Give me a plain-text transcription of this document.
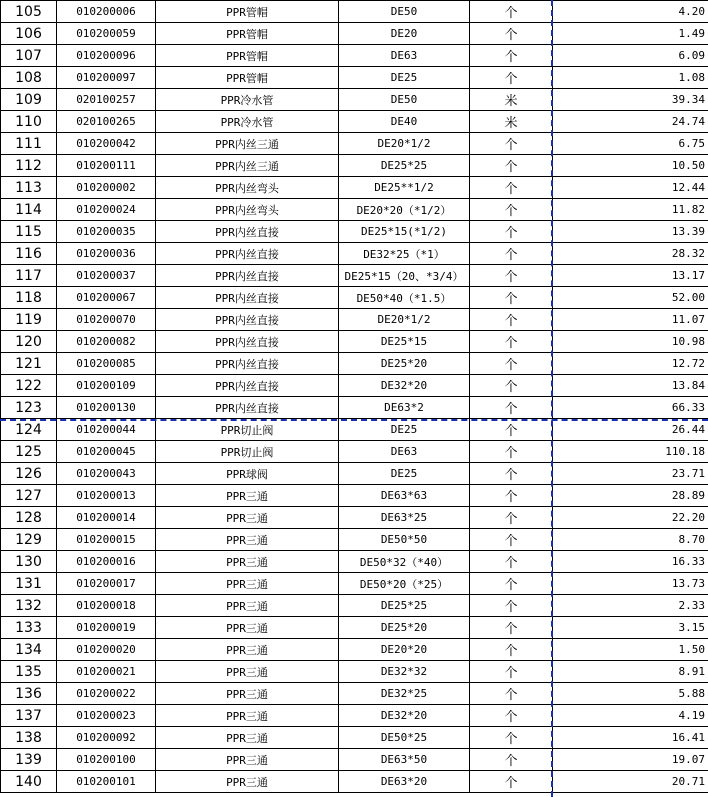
105	010200006	PPR管帽	DE50	个	4.20
106	010200059	PPR管帽	DE20	个	1.49
107	010200096	PPR管帽	DE63	个	6.09
108	010200097	PPR管帽	DE25	个	1.08
109	020100257	PPR冷水管	DE50	米	39.34
110	020100265	PPR冷水管	DE40	米	24.74
111	010200042	PPR内丝三通	DE20*1/2	个	6.75
112	010200111	PPR内丝三通	DE25*25	个	10.50
113	010200002	PPR内丝弯头	DE25**1/2	个	12.44
114	010200024	PPR内丝弯头	DE20*20（*1/2）	个	11.82
115	010200035	PPR内丝直接	DE25*15(*1/2)	个	13.39
116	010200036	PPR内丝直接	DE32*25（*1）	个	28.32
117	010200037	PPR内丝直接	DE25*15（20、*3/4）	个	13.17
118	010200067	PPR内丝直接	DE50*40（*1.5）	个	52.00
119	010200070	PPR内丝直接	DE20*1/2	个	11.07
120	010200082	PPR内丝直接	DE25*15	个	10.98
121	010200085	PPR内丝直接	DE25*20	个	12.72
122	010200109	PPR内丝直接	DE32*20	个	13.84
123	010200130	PPR内丝直接	DE63*2	个	66.33
124	010200044	PPR切止阀	DE25	个	26.44
125	010200045	PPR切止阀	DE63	个	110.18
126	010200043	PPR球阀	DE25	个	23.71
127	010200013	PPR三通	DE63*63	个	28.89
128	010200014	PPR三通	DE63*25	个	22.20
129	010200015	PPR三通	DE50*50	个	8.70
130	010200016	PPR三通	DE50*32（*40）	个	16.33
131	010200017	PPR三通	DE50*20（*25）	个	13.73
132	010200018	PPR三通	DE25*25	个	2.33
133	010200019	PPR三通	DE25*20	个	3.15
134	010200020	PPR三通	DE20*20	个	1.50
135	010200021	PPR三通	DE32*32	个	8.91
136	010200022	PPR三通	DE32*25	个	5.88
137	010200023	PPR三通	DE32*20	个	4.19
138	010200092	PPR三通	DE50*25	个	16.41
139	010200100	PPR三通	DE63*50	个	19.07
140	010200101	PPR三通	DE63*20	个	20.71
